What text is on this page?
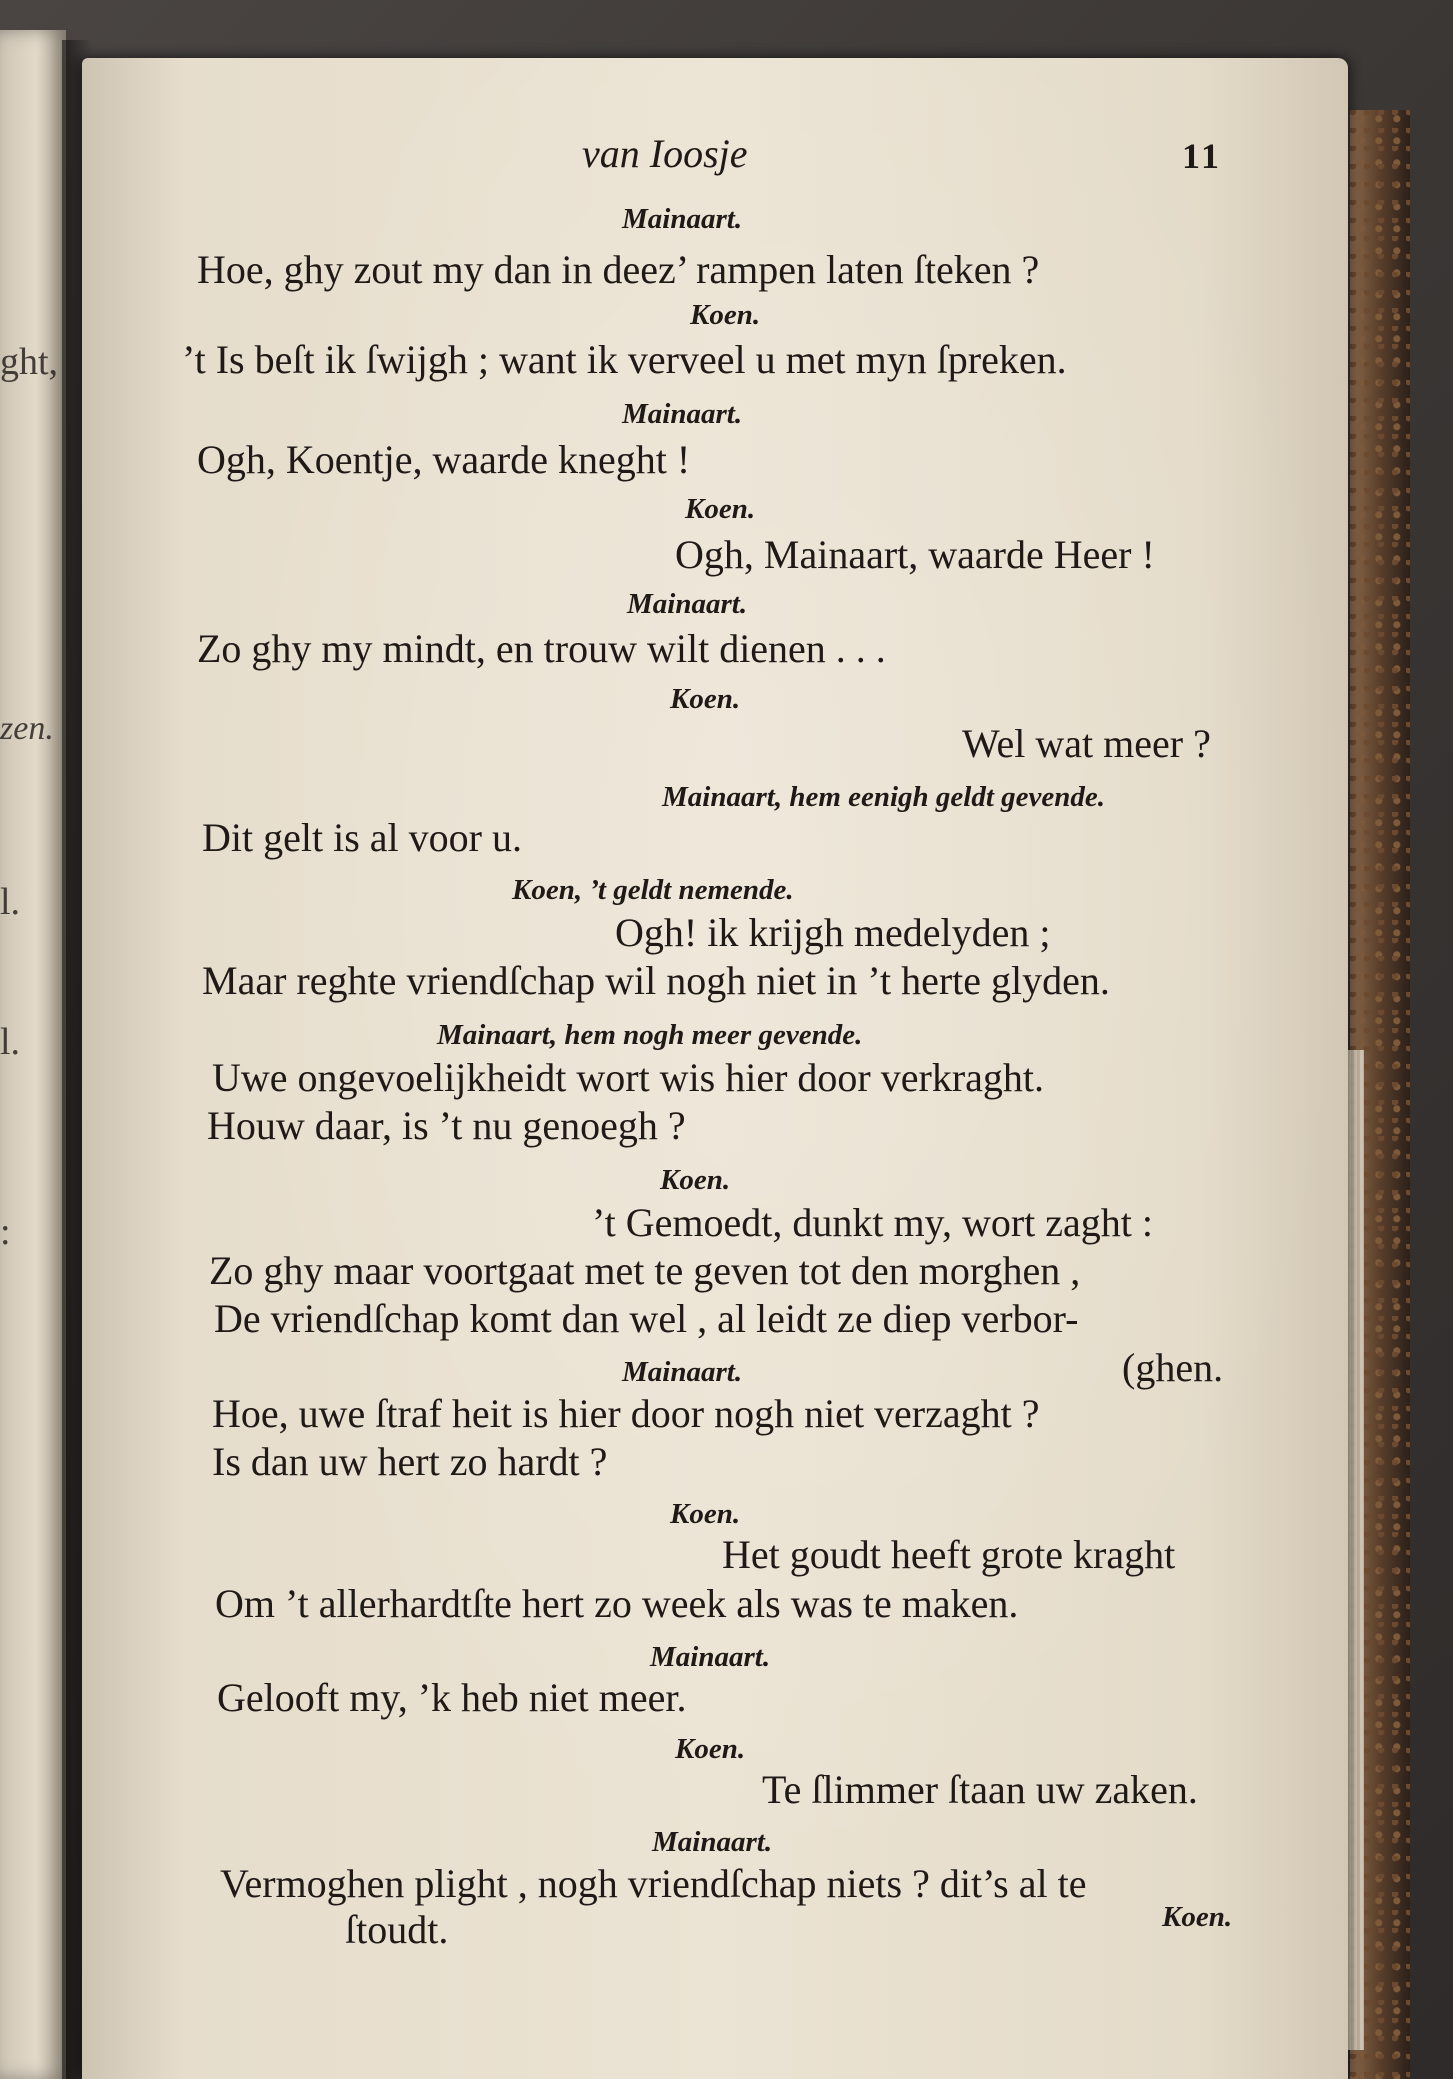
ght,
zen.
l.
l.
:

van Ioosje	11

Mainaart.

Hoe, ghy zout my dan in deez’ rampen laten ſteken ?

Koen.

’t Is beſt ik ſwijgh ; want ik verveel u met myn ſpreken.

Mainaart.

Ogh, Koentje, waarde kneght !

Koen.

Ogh, Mainaart, waarde Heer !

Mainaart.

Zo ghy my mindt, en trouw wilt dienen . . .

Koen.

Wel wat meer ?

Mainaart, hem eenigh geldt gevende.

Dit gelt is al voor u.

Koen, ’t geldt nemende.

Ogh! ik krijgh medelyden ;

Maar reghte vriendſchap wil nogh niet in ’t herte glyden.

Mainaart, hem nogh meer gevende.

Uwe ongevoelijkheidt wort wis hier door verkraght.

Houw daar, is ’t nu genoegh ?

Koen.

’t Gemoedt, dunkt my, wort zaght :

Zo ghy maar voortgaat met te geven tot den morghen ,

De vriendſchap komt dan wel , al leidt ze diep verbor-

Mainaart.	(ghen.

Hoe, uwe ſtraf heit is hier door nogh niet verzaght ?

Is dan uw hert zo hardt ?

Koen.

Het goudt heeft grote kraght

Om ’t allerhardtſte hert zo week als was te maken.

Mainaart.

Gelooft my, ’k heb niet meer.

Koen.

Te ſlimmer ſtaan uw zaken.

Mainaart.

Vermoghen plight , nogh vriendſchap niets ? dit’s al te

ſtoudt.	Koen.
